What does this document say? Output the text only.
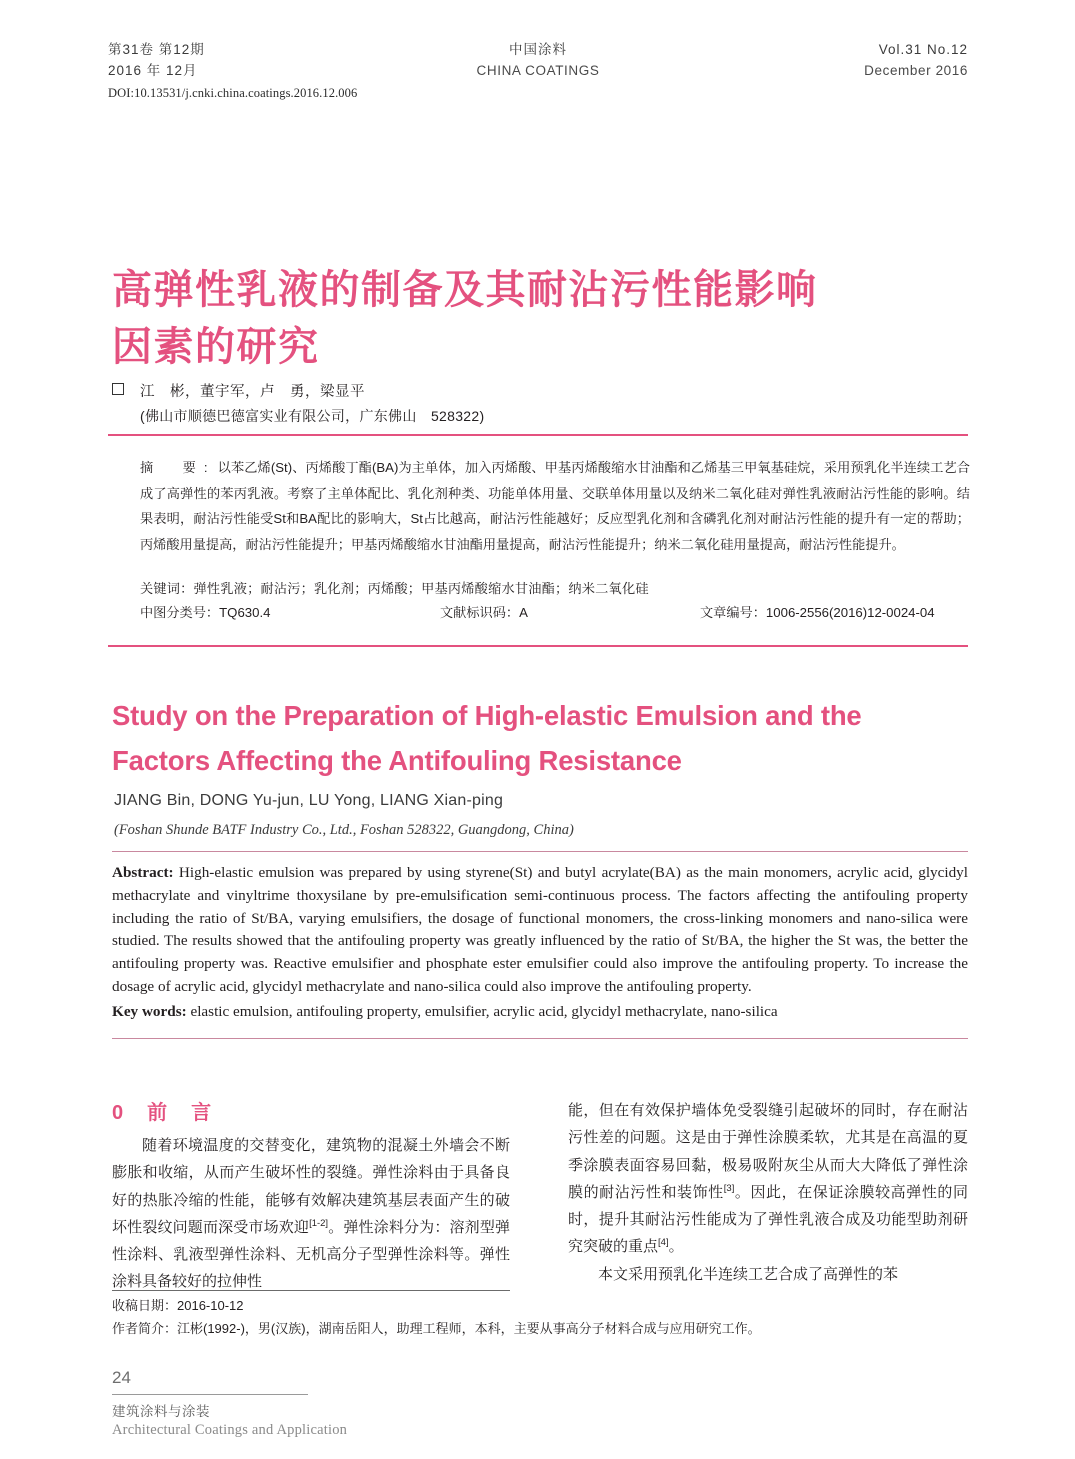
第31卷 第12期
2016 年 12月
中国涂料
CHINA COATINGS
Vol.31 No.12
December 2016
DOI:10.13531/j.cnki.china.coatings.2016.12.006
高弹性乳液的制备及其耐沾污性能影响
因素的研究
江　彬，董宇军，卢　勇，梁显平
(佛山市顺德巴德富实业有限公司，广东佛山　528322)
摘　要: 以苯乙烯(St)、丙烯酸丁酯(BA)为主单体，加入丙烯酸、甲基丙烯酸缩水甘油酯和乙烯基三甲氧基硅烷，采用预乳化半连续工艺合成了高弹性的苯丙乳液。考察了主单体配比、乳化剂种类、功能单体用量、交联单体用量以及纳米二氧化硅对弹性乳液耐沾污性能的影响。结果表明，耐沾污性能受St和BA配比的影响大，St占比越高，耐沾污性能越好；反应型乳化剂和含磷乳化剂对耐沾污性能的提升有一定的帮助；丙烯酸用量提高，耐沾污性能提升；甲基丙烯酸缩水甘油酯用量提高，耐沾污性能提升；纳米二氧化硅用量提高，耐沾污性能提升。
关键词：弹性乳液；耐沾污；乳化剂；丙烯酸；甲基丙烯酸缩水甘油酯；纳米二氧化硅
中图分类号：TQ630.4	文献标识码：A	文章编号：1006-2556(2016)12-0024-04
Study on the Preparation of High-elastic Emulsion and the
Factors Affecting the Antifouling Resistance
JIANG Bin, DONG Yu-jun, LU Yong, LIANG Xian-ping
(Foshan Shunde BATF Industry Co., Ltd., Foshan 528322, Guangdong, China)
Abstract: High-elastic emulsion was prepared by using styrene(St) and butyl acrylate(BA) as the main monomers, acrylic acid, glycidyl methacrylate and vinyltrime thoxysilane by pre-emulsification semi-continuous process. The factors affecting the antifouling property including the ratio of St/BA, varying emulsifiers, the dosage of functional monomers, the cross-linking monomers and nano-silica were studied. The results showed that the antifouling property was greatly influenced by the ratio of St/BA, the higher the St was, the better the antifouling property was. Reactive emulsifier and phosphate ester emulsifier could also improve the antifouling property. To increase the dosage of acrylic acid, glycidyl methacrylate and nano-silica could also improve the antifouling property.
Key words: elastic emulsion, antifouling property, emulsifier, acrylic acid, glycidyl methacrylate, nano-silica
0　前　言
随着环境温度的交替变化，建筑物的混凝土外墙会不断膨胀和收缩，从而产生破坏性的裂缝。弹性涂料由于具备良好的热胀冷缩的性能，能够有效解决建筑基层表面产生的破坏性裂纹问题而深受市场欢迎[1-2]。弹性涂料分为：溶剂型弹性涂料、乳液型弹性涂料、无机高分子型弹性涂料等。弹性涂料具备较好的拉伸性
能，但在有效保护墙体免受裂缝引起破坏的同时，存在耐沾污性差的问题。这是由于弹性涂膜柔软，尤其是在高温的夏季涂膜表面容易回黏，极易吸附灰尘从而大大降低了弹性涂膜的耐沾污性和装饰性[3]。因此，在保证涂膜较高弹性的同时，提升其耐沾污性能成为了弹性乳液合成及功能型助剂研究突破的重点[4]。
本文采用预乳化半连续工艺合成了高弹性的苯
收稿日期：2016-10-12
作者简介：江彬(1992-)，男(汉族)，湖南岳阳人，助理工程师，本科，主要从事高分子材料合成与应用研究工作。
24
建筑涂料与涂装
Architectural Coatings and Application
